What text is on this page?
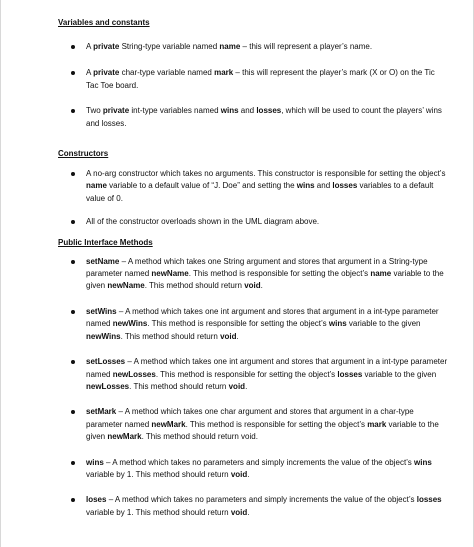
Variables and constants
A private String-type variable named name – this will represent a player’s name.
A private char-type variable named mark – this will represent the player’s mark (X or O) on the Tic Tac Toe board.
Two private int-type variables named wins and losses, which will be used to count the players’ wins and losses.
Constructors
A no-arg constructor which takes no arguments. This constructor is responsible for setting the object’s name variable to a default value of “J. Doe” and setting the wins and losses variables to a default value of 0.
All of the constructor overloads shown in the UML diagram above.
Public Interface Methods
setName – A method which takes one String argument and stores that argument in a String-type parameter named newName. This method is responsible for setting the object’s name variable to the given newName. This method should return void.
setWins – A method which takes one int argument and stores that argument in a int-type parameter named newWins. This method is responsible for setting the object’s wins variable to the given newWins. This method should return void.
setLosses – A method which takes one int argument and stores that argument in a int-type parameter named newLosses. This method is responsible for setting the object’s losses variable to the given newLosses. This method should return void.
setMark – A method which takes one char argument and stores that argument in a char-type parameter named newMark. This method is responsible for setting the object’s mark variable to the given newMark. This method should return void.
wins – A method which takes no parameters and simply increments the value of the object’s wins variable by 1. This method should return void.
loses – A method which takes no parameters and simply increments the value of the object’s losses variable by 1. This method should return void.
